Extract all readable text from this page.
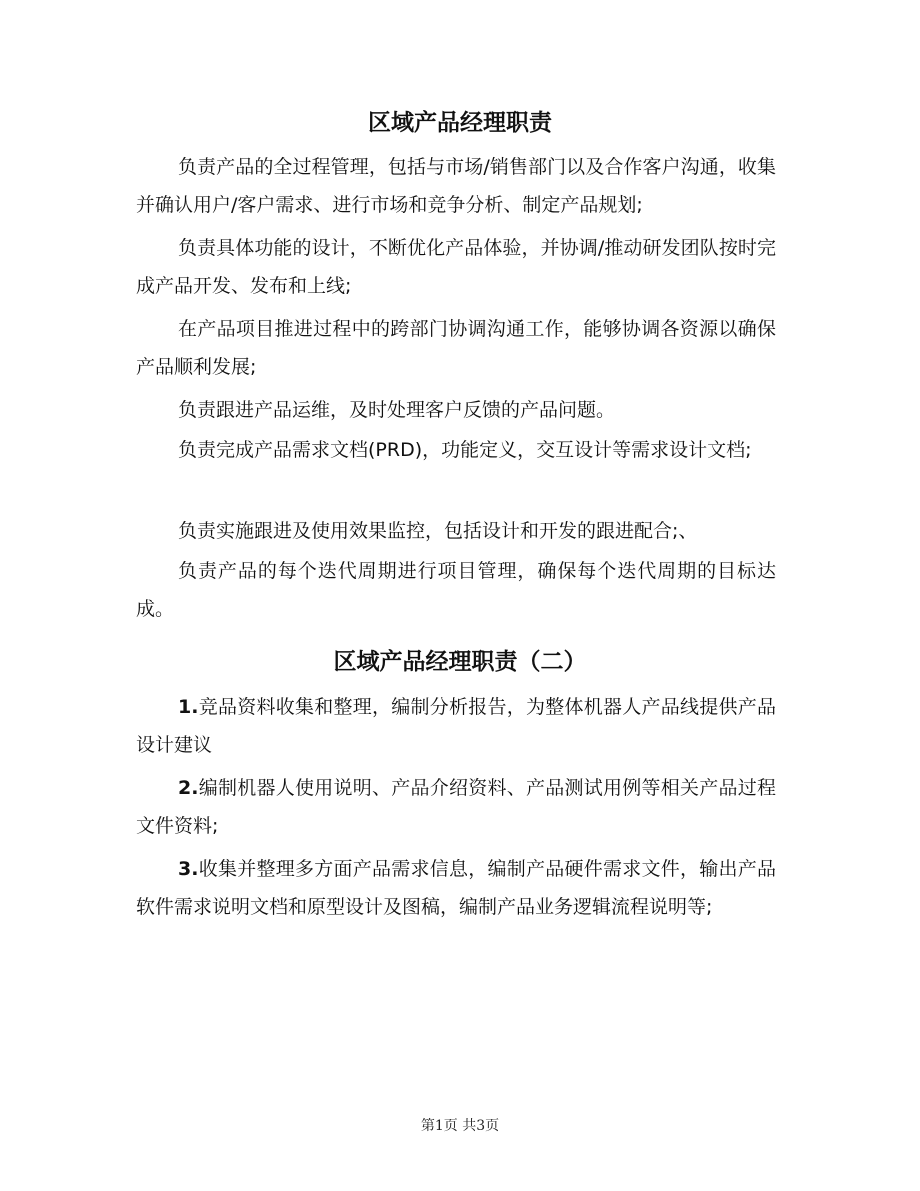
区域产品经理职责
负责产品的全过程管理，包括与市场/销售部门以及合作客户沟通，收集并确认用户/客户需求、进行市场和竞争分析、制定产品规划;
负责具体功能的设计，不断优化产品体验，并协调/推动研发团队按时完成产品开发、发布和上线;
在产品项目推进过程中的跨部门协调沟通工作，能够协调各资源以确保产品顺利发展;
负责跟进产品运维，及时处理客户反馈的产品问题。
负责完成产品需求文档(PRD)，功能定义，交互设计等需求设计文档;
负责实施跟进及使用效果监控，包括设计和开发的跟进配合;、
负责产品的每个迭代周期进行项目管理，确保每个迭代周期的目标达成。
区域产品经理职责（二）
1.竞品资料收集和整理，编制分析报告，为整体机器人产品线提供产品设计建议
2.编制机器人使用说明、产品介绍资料、产品测试用例等相关产品过程文件资料;
3.收集并整理多方面产品需求信息，编制产品硬件需求文件，输出产品软件需求说明文档和原型设计及图稿，编制产品业务逻辑流程说明等;
第1页 共3页
